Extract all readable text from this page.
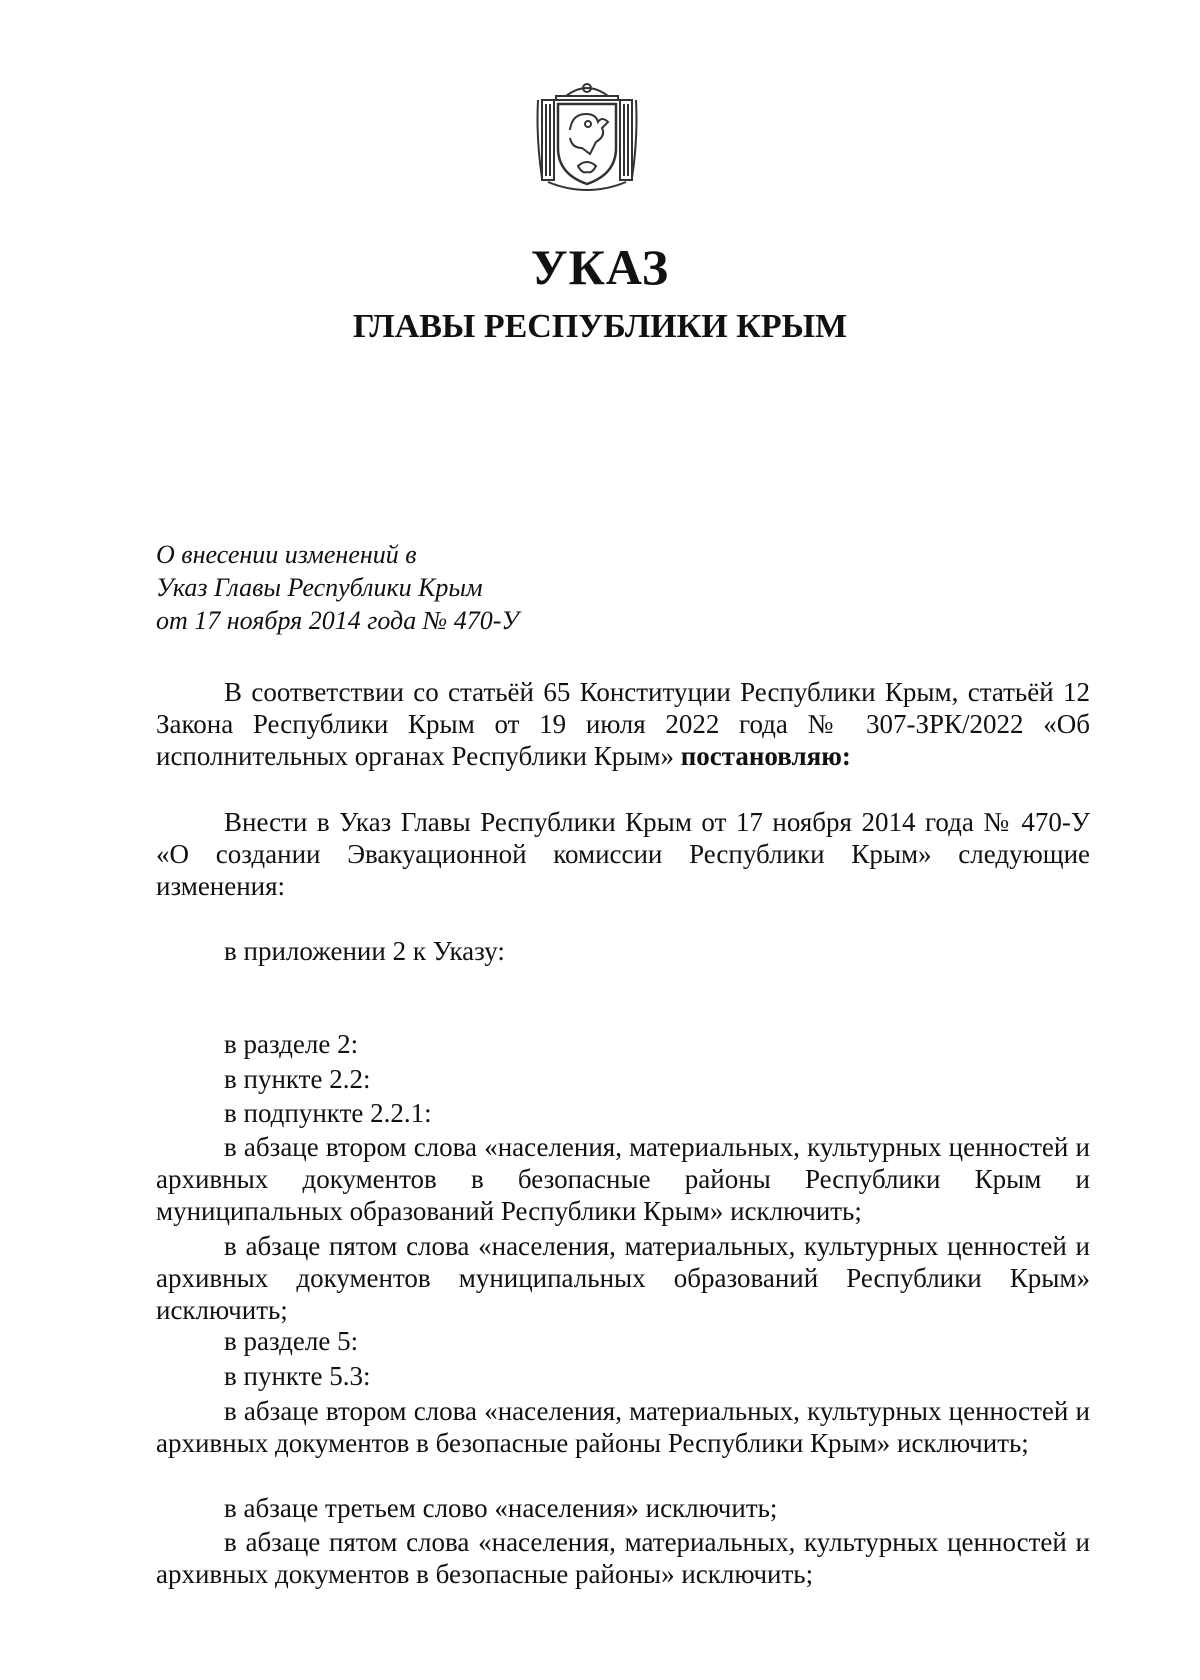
УКАЗ
ГЛАВЫ РЕСПУБЛИКИ КРЫМ
О внесении изменений в
Указ Главы Республики Крым
от 17 ноября 2014 года № 470-У
В соответствии со статьёй 65 Конституции Республики Крым, статьёй 12 Закона Республики Крым от 19 июля 2022 года № 307-ЗРК/2022 «Об исполнительных органах Республики Крым» постановляю:
Внести в Указ Главы Республики Крым от 17 ноября 2014 года № 470-У «О создании Эвакуационной комиссии Республики Крым» следующие изменения:
в приложении 2 к Указу:
в разделе 2:
в пункте 2.2:
в подпункте 2.2.1:
в абзаце втором слова «населения, материальных, культурных ценностей и архивных документов в безопасные районы Республики Крым и муниципальных образований Республики Крым» исключить;
в абзаце пятом слова «населения, материальных, культурных ценностей и архивных документов муниципальных образований Республики Крым» исключить;
в разделе 5:
в пункте 5.3:
в абзаце втором слова «населения, материальных, культурных ценностей и архивных документов в безопасные районы Республики Крым» исключить;
в абзаце третьем слово «населения» исключить;
в абзаце пятом слова «населения, материальных, культурных ценностей и архивных документов в безопасные районы» исключить;
